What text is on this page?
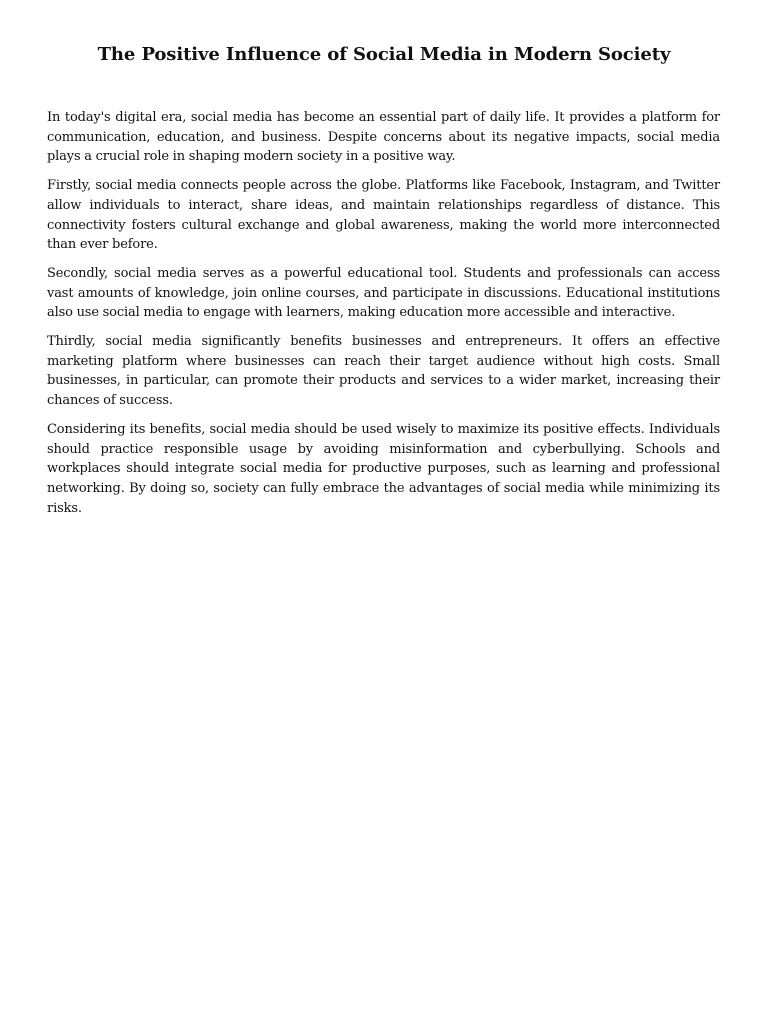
The Positive Influence of Social Media in Modern Society

In today's digital era, social media has become an essential part of daily life. It provides a platform for communication, education, and business. Despite concerns about its negative impacts, social media plays a crucial role in shaping modern society in a positive way.

Firstly, social media connects people across the globe. Platforms like Facebook, Instagram, and Twitter allow individuals to interact, share ideas, and maintain relationships regardless of distance. This connectivity fosters cultural exchange and global awareness, making the world more interconnected than ever before.

Secondly, social media serves as a powerful educational tool. Students and professionals can access vast amounts of knowledge, join online courses, and participate in discussions. Educational institutions also use social media to engage with learners, making education more accessible and interactive.

Thirdly, social media significantly benefits businesses and entrepreneurs. It offers an effective marketing platform where businesses can reach their target audience without high costs. Small businesses, in particular, can promote their products and services to a wider market, increasing their chances of success.

Considering its benefits, social media should be used wisely to maximize its positive effects. Individuals should practice responsible usage by avoiding misinformation and cyberbullying. Schools and workplaces should integrate social media for productive purposes, such as learning and professional networking. By doing so, society can fully embrace the advantages of social media while minimizing its risks.
